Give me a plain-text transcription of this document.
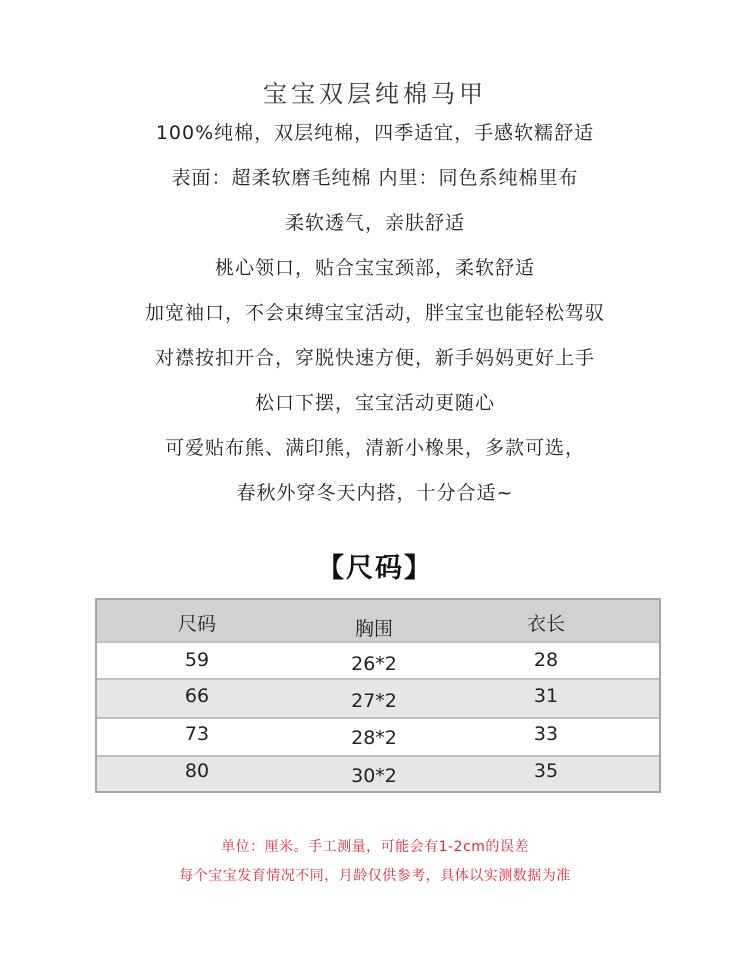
宝宝双层纯棉马甲
100%纯棉，双层纯棉，四季适宜，手感软糯舒适
表面：超柔软磨毛纯棉 内里：同色系纯棉里布
柔软透气，亲肤舒适
桃心领口，贴合宝宝颈部，柔软舒适
加宽袖口，不会束缚宝宝活动，胖宝宝也能轻松驾驭
对襟按扣开合，穿脱快速方便，新手妈妈更好上手
松口下摆，宝宝活动更随心
可爱贴布熊、满印熊，清新小橡果，多款可选，
春秋外穿冬天内搭，十分合适~
【尺码】
尺码	胸围	衣长
59	26*2	28
66	27*2	31
73	28*2	33
80	30*2	35
单位：厘米。手工测量，可能会有1-2cm的误差
每个宝宝发育情况不同，月龄仅供参考，具体以实测数据为准
